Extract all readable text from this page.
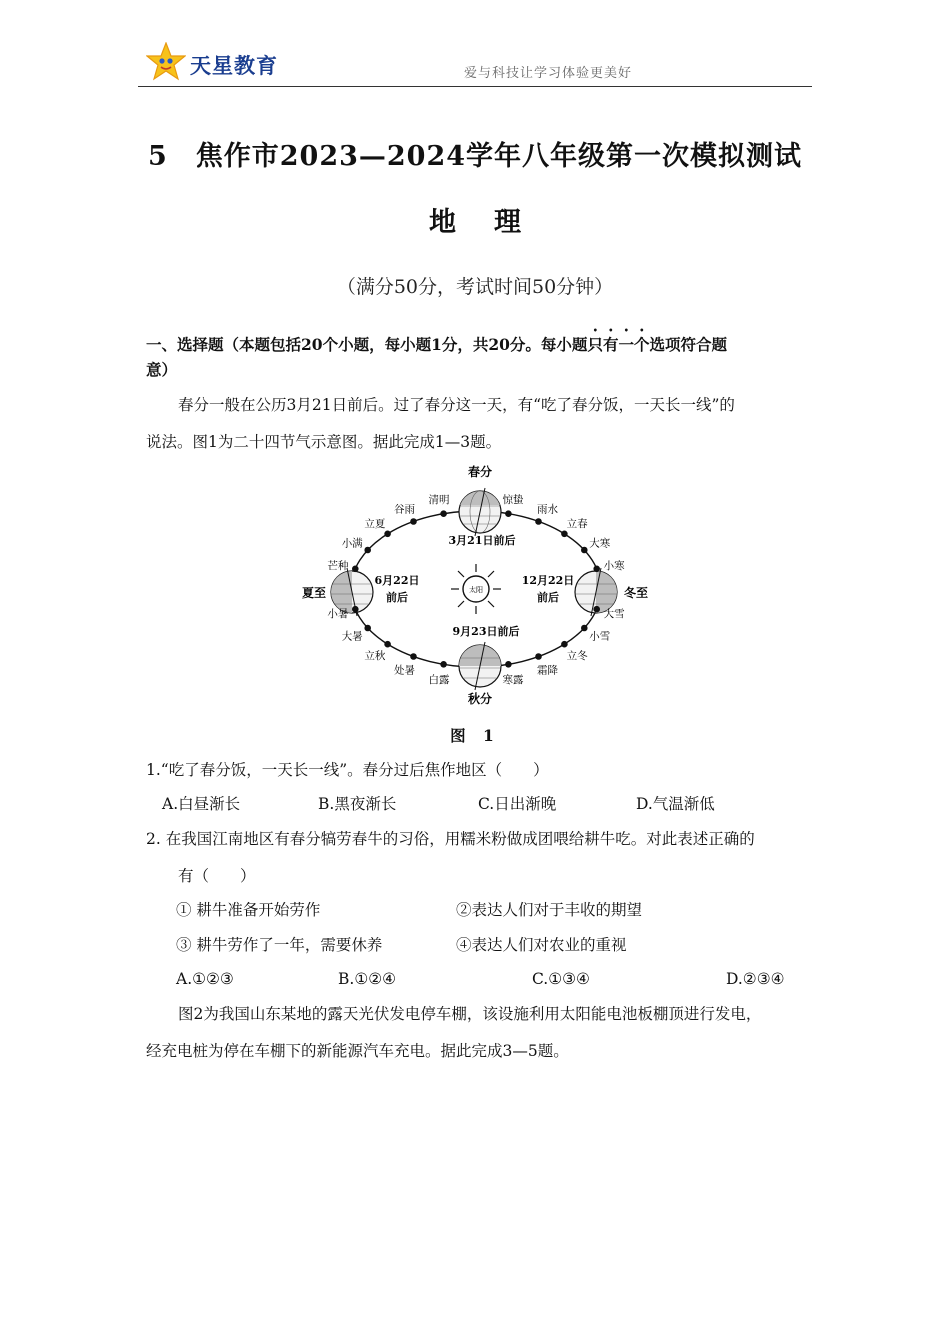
天星教育	爱与科技让学习体验更美好
5　焦作市2023—2024学年八年级第一次模拟测试
地理
（满分50分，考试时间50分钟）
一、选择题（本题包括20个小题，每小题1分，共20分。每小题只有一个选项符合题
意）
春分一般在公历3月21日前后。过了春分这一天，有“吃了春分饭，一天长一线”的
说法。图1为二十四节气示意图。据此完成1—3题。
太阳
春分
3月21日前后
夏至
6月22日
前后	冬至
12月22日
前后
秋分
9月23日前后
清明
谷雨
立夏
小满
芒种
小暑
大暑
立秋
处暑
白露	寒露
霜降
立冬
小雪
大雪
小寒
大寒
立春
雨水
惊蛰
图 1
1.“吃了春分饭，一天长一线”。春分过后焦作地区（　　）
A.白昼渐长	B.黑夜渐长	C.日出渐晚	D.气温渐低
2. 在我国江南地区有春分犒劳春牛的习俗，用糯米粉做成团喂给耕牛吃。对此表述正确的
有（　　）
① 耕牛准备开始劳作	②表达人们对于丰收的期望
③ 耕牛劳作了一年，需要休养	④表达人们对农业的重视
A.①②③	B.①②④	C.①③④	D.②③④
图2为我国山东某地的露天光伏发电停车棚，该设施利用太阳能电池板棚顶进行发电，
经充电桩为停在车棚下的新能源汽车充电。据此完成3—5题。
